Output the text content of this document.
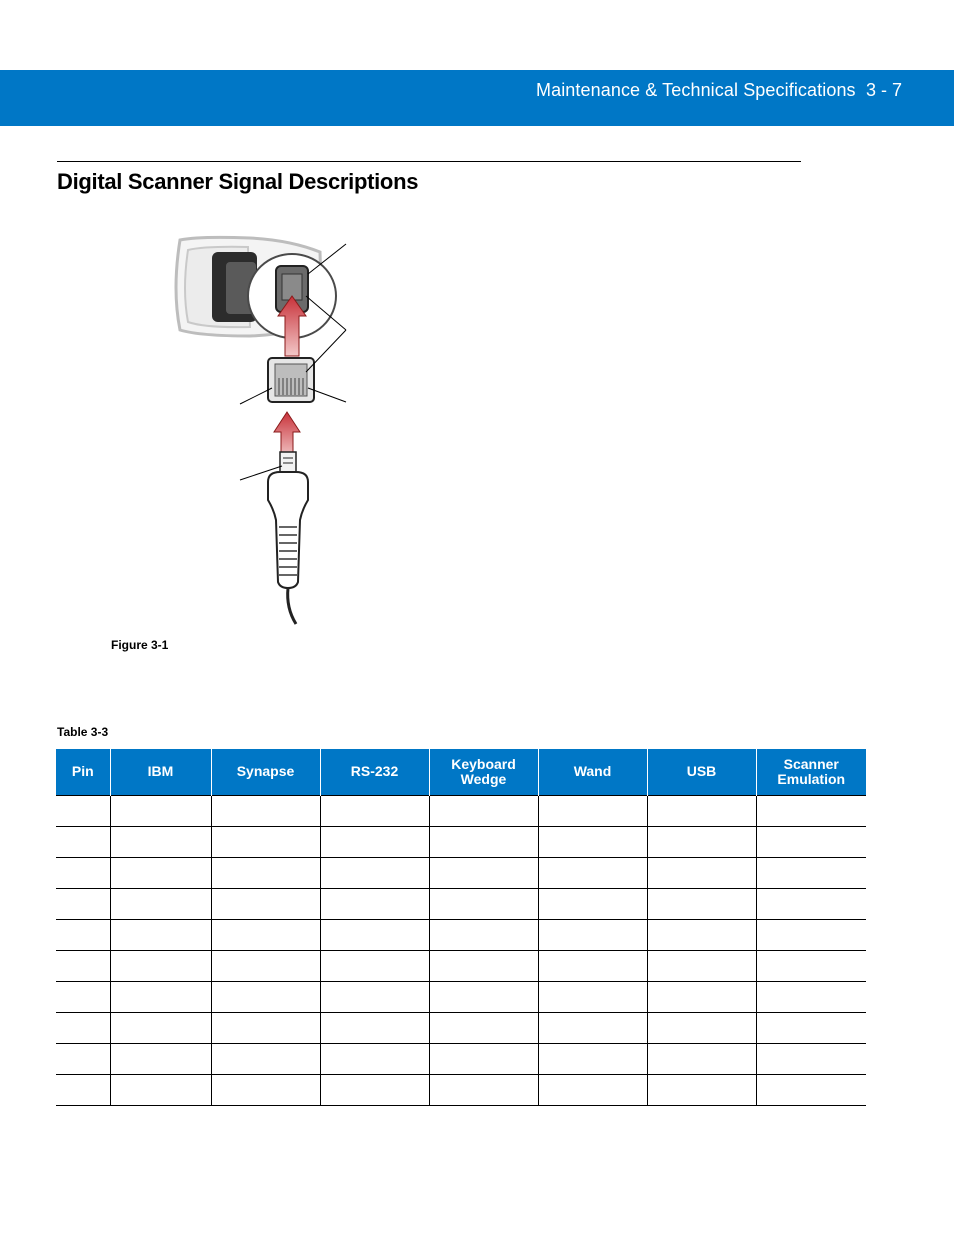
Maintenance & Technical Specifications 3 - 7
Digital Scanner Signal Descriptions
Figure 3-1
Table 3-3
Pin	IBM	Synapse	RS-232	Keyboard Wedge	Wand	USB	Scanner Emulation
